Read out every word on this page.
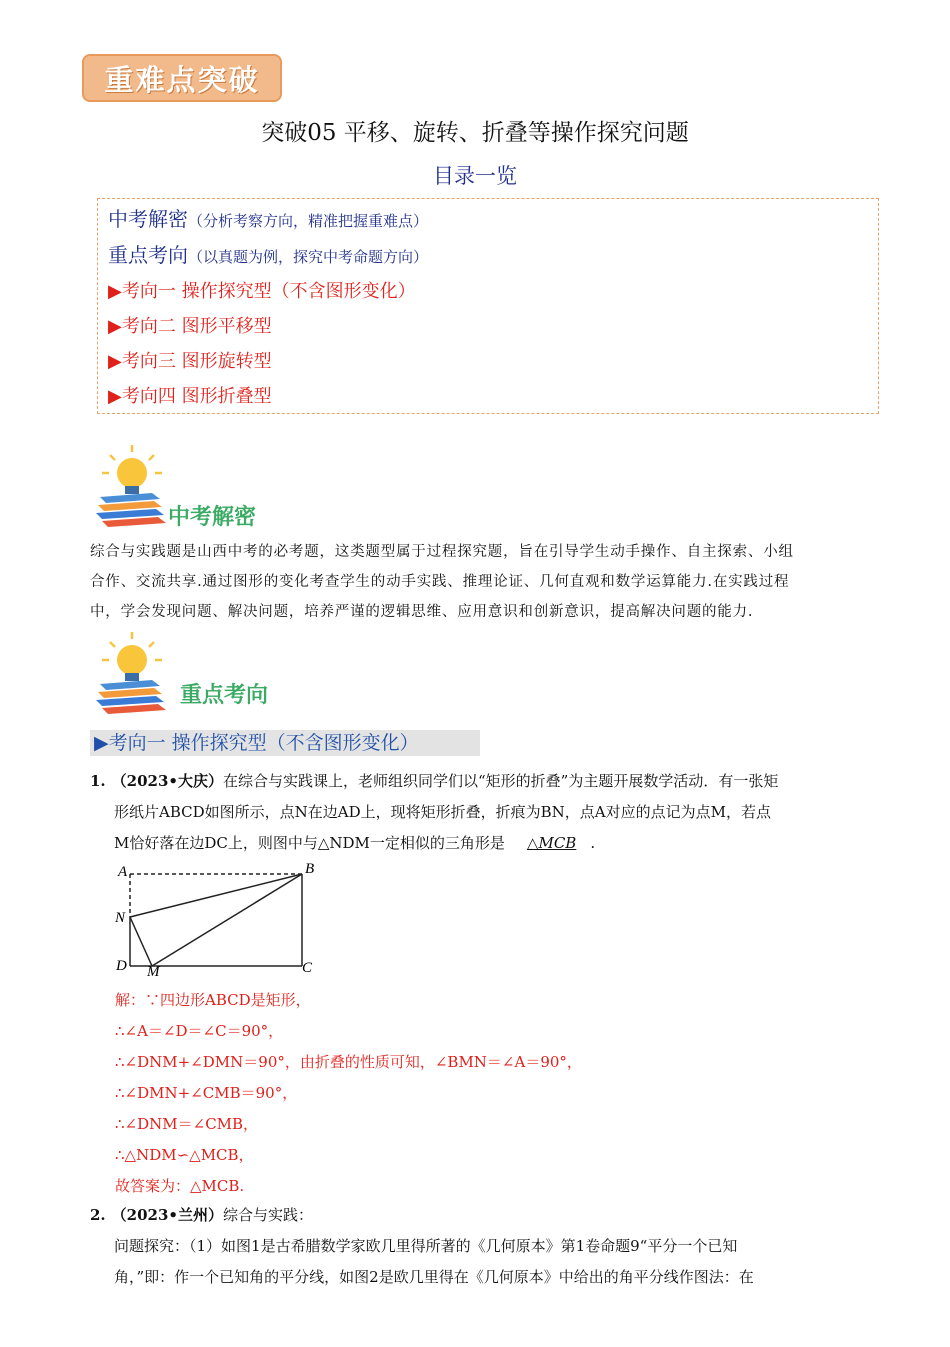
重难点突破
突破05 平移、旋转、折叠等操作探究问题
目录一览
中考解密（分析考察方向，精准把握重难点）
重点考向（以真题为例，探究中考命题方向）
▶考向一 操作探究型（不含图形变化）
▶考向二 图形平移型
▶考向三 图形旋转型
▶考向四 图形折叠型
中考解密
综合与实践题是山西中考的必考题，这类题型属于过程探究题，旨在引导学生动手操作、自主探索、小组
合作、交流共享.通过图形的变化考查学生的动手实践、推理论证、几何直观和数学运算能力.在实践过程
中，学会发现问题、解决问题，培养严谨的逻辑思维、应用意识和创新意识，提高解决问题的能力.
重点考向
▶考向一 操作探究型（不含图形变化）
1. （2023•大庆）在综合与实践课上，老师组织同学们以“矩形的折叠”为主题开展数学活动．有一张矩
形纸片ABCD如图所示，点N在边AD上，现将矩形折叠，折痕为BN，点A对应的点记为点M，若点
M恰好落在边DC上，则图中与△NDM一定相似的三角形是 △MCB .
A	B
C
D
N
M
解：∵四边形ABCD是矩形，
∴∠A＝∠D＝∠C＝90°，
∴∠DNM+∠DMN＝90°，由折叠的性质可知，∠BMN＝∠A＝90°，
∴∠DMN+∠CMB＝90°，
∴∠DNM＝∠CMB，
∴△NDM∽△MCB，
故答案为：△MCB.
2. （2023•兰州）综合与实践：
问题探究：（1）如图1是古希腊数学家欧几里得所著的《几何原本》第1卷命题9“平分一个已知
角，”即：作一个已知角的平分线，如图2是欧几里得在《几何原本》中给出的角平分线作图法：在
